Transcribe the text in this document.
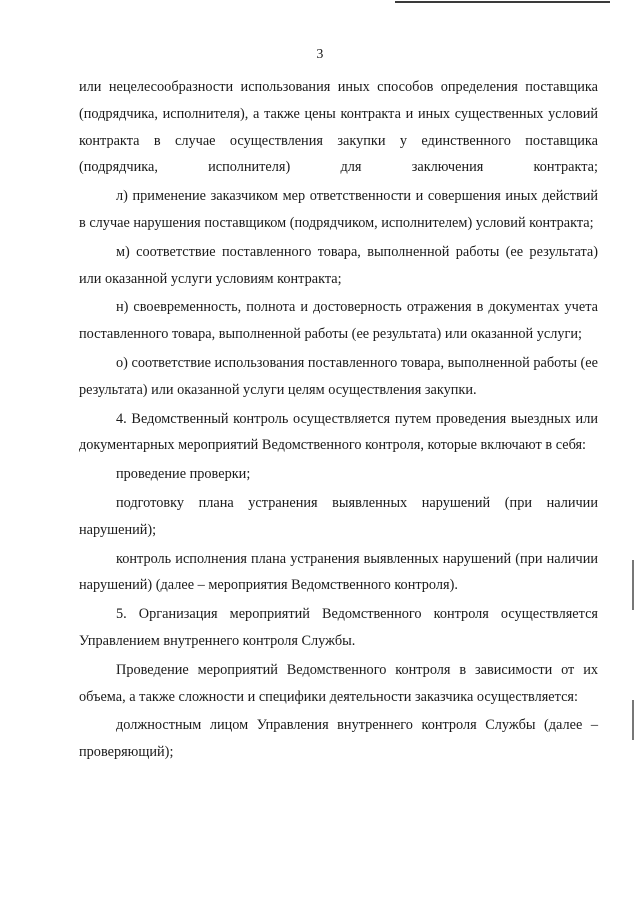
3

или нецелесообразности использования иных способов определения поставщика (подрядчика, исполнителя), а также цены контракта и иных существенных условий контракта в случае осуществления закупки у единственного поставщика (подрядчика, исполнителя) для заключения контракта;

л) применение заказчиком мер ответственности и совершения иных действий в случае нарушения поставщиком (подрядчиком, исполнителем) условий контракта;

м) соответствие поставленного товара, выполненной работы (ее результата) или оказанной услуги условиям контракта;

н) своевременность, полнота и достоверность отражения в документах учета поставленного товара, выполненной работы (ее результата) или оказанной услуги;

о) соответствие использования поставленного товара, выполненной работы (ее результата) или оказанной услуги целям осуществления закупки.

4. Ведомственный контроль осуществляется путем проведения выездных или документарных мероприятий Ведомственного контроля, которые включают в себя:

проведение проверки;

подготовку плана устранения выявленных нарушений (при наличии нарушений);

контроль исполнения плана устранения выявленных нарушений (при наличии нарушений) (далее – мероприятия Ведомственного контроля).

5. Организация мероприятий Ведомственного контроля осуществляется Управлением внутреннего контроля Службы.

Проведение мероприятий Ведомственного контроля в зависимости от их объема, а также сложности и специфики деятельности заказчика осуществляется:

должностным лицом Управления внутреннего контроля Службы (далее – проверяющий);
